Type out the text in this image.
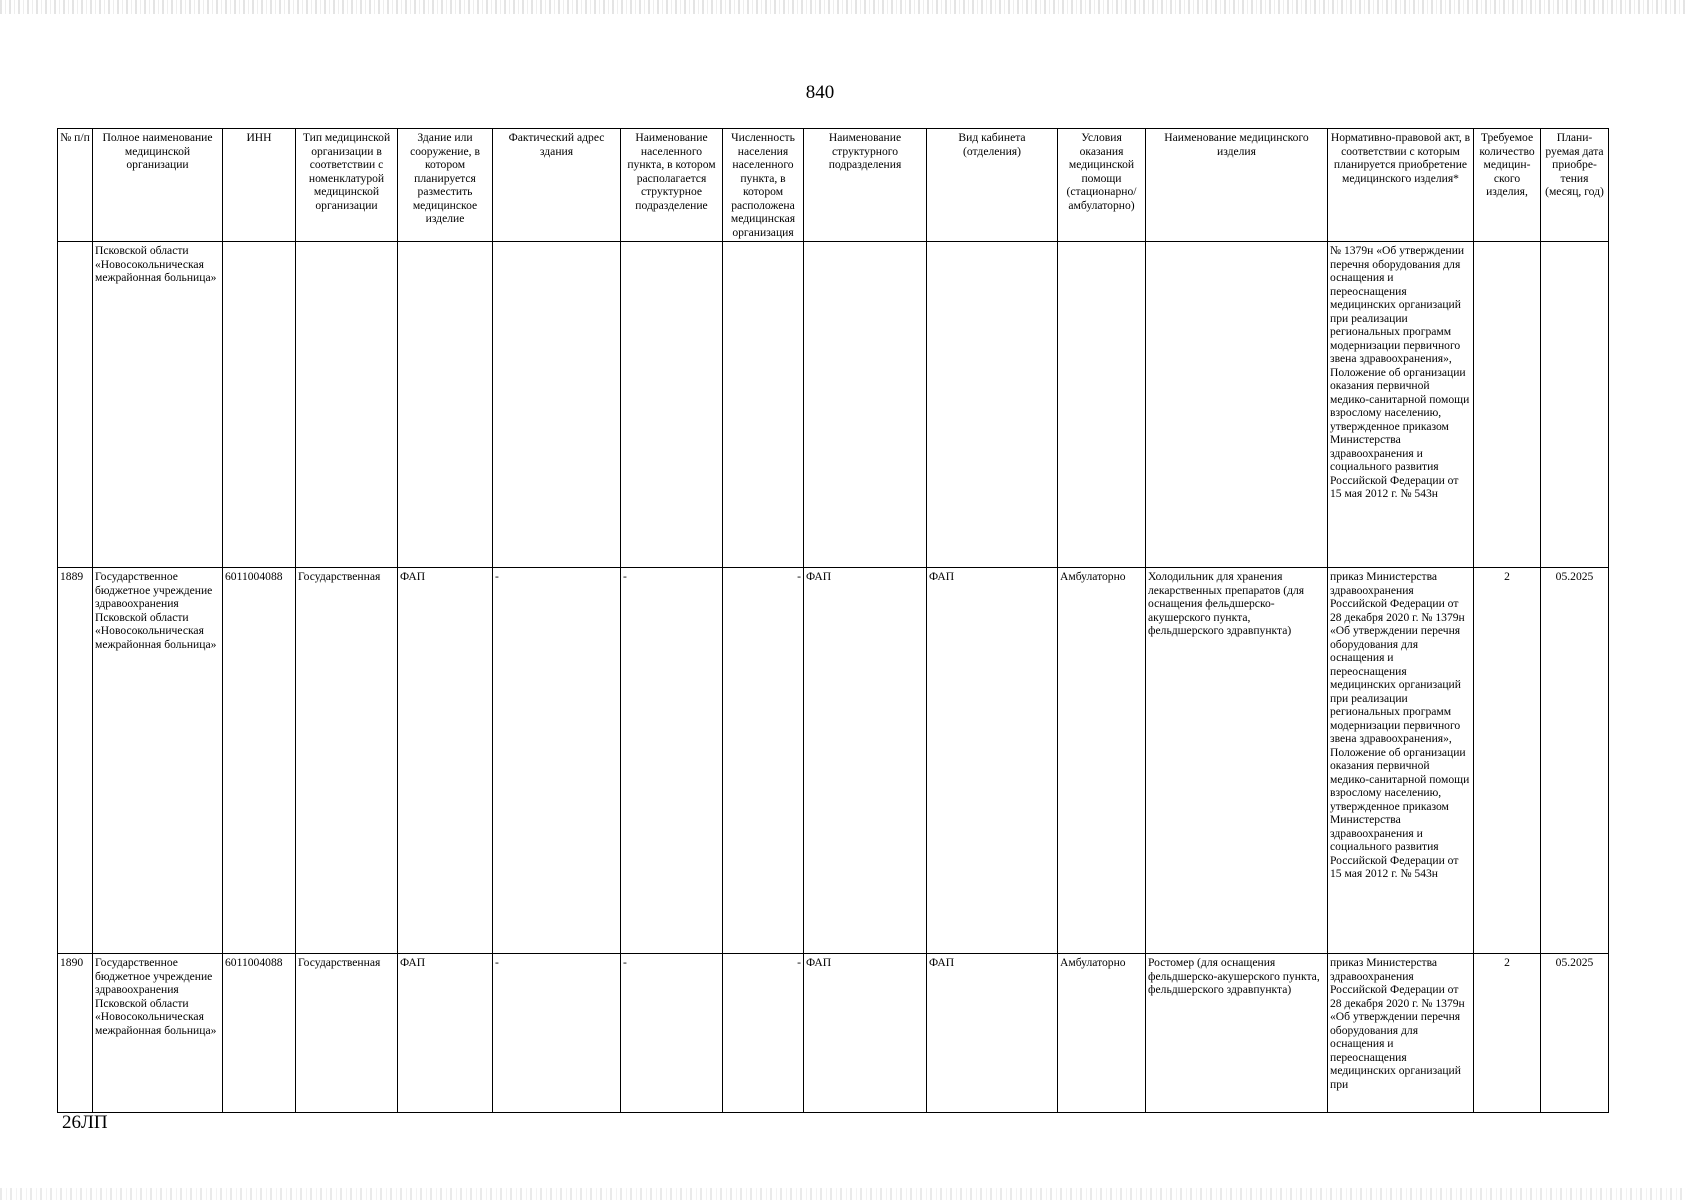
840
№ п/п	Полное наименование медицинской организации	ИНН	Тип медицинской организации в соответствии с номенклатурой медицинской организации	Здание или сооружение, в котором планируется разместить медицинское изделие	Фактический адрес здания	Наименование населенного пункта, в котором располагается структурное подразделение	Численность населения населенного пункта, в котором расположена медицинская организация	Наименование структурного подразделения	Вид кабинета (отделения)	Условия оказания медицинской помощи (стационарно/ амбулаторно)	Наименование медицинского изделия	Нормативно-правовой акт, в соответствии с которым планируется приобретение медицинского изделия*	Требуемое количество медицин-ского изделия,	Плани-руемая дата приобре-тения (месяц, год)
	Псковской области «Новосокольническая межрайонная больница»											№ 1379н «Об утверждении перечня оборудования для оснащения и переоснащения медицинских организаций при реализации региональных программ модернизации первичного звена здравоохранения», Положение об организации оказания первичной медико-санитарной помощи взрослому населению, утвержденное приказом Министерства здравоохранения и социального развития Российской Федерации от 15 мая 2012 г. № 543н		
1889	Государственное бюджетное учреждение здравоохранения Псковской области «Новосокольническая межрайонная больница»	6011004088	Государственная	ФАП	-	-	-	ФАП	ФАП	Амбулаторно	Холодильник для хранения лекарственных препаратов (для оснащения фельдшерско-акушерского пункта, фельдшерского здравпункта)	приказ Министерства здравоохранения Российской Федерации от 28 декабря 2020 г. № 1379н «Об утверждении перечня оборудования для оснащения и переоснащения медицинских организаций при реализации региональных программ модернизации первичного звена здравоохранения», Положение об организации оказания первичной медико-санитарной помощи взрослому населению, утвержденное приказом Министерства здравоохранения и социального развития Российской Федерации от 15 мая 2012 г. № 543н	2	05.2025
1890	Государственное бюджетное учреждение здравоохранения Псковской области «Новосокольническая межрайонная больница»	6011004088	Государственная	ФАП	-	-	-	ФАП	ФАП	Амбулаторно	Ростомер (для оснащения фельдшерско-акушерского пункта, фельдшерского здравпункта)	приказ Министерства здравоохранения Российской Федерации от 28 декабря 2020 г. № 1379н «Об утверждении перечня оборудования для оснащения и переоснащения медицинских организаций при	2	05.2025
26ЛП
